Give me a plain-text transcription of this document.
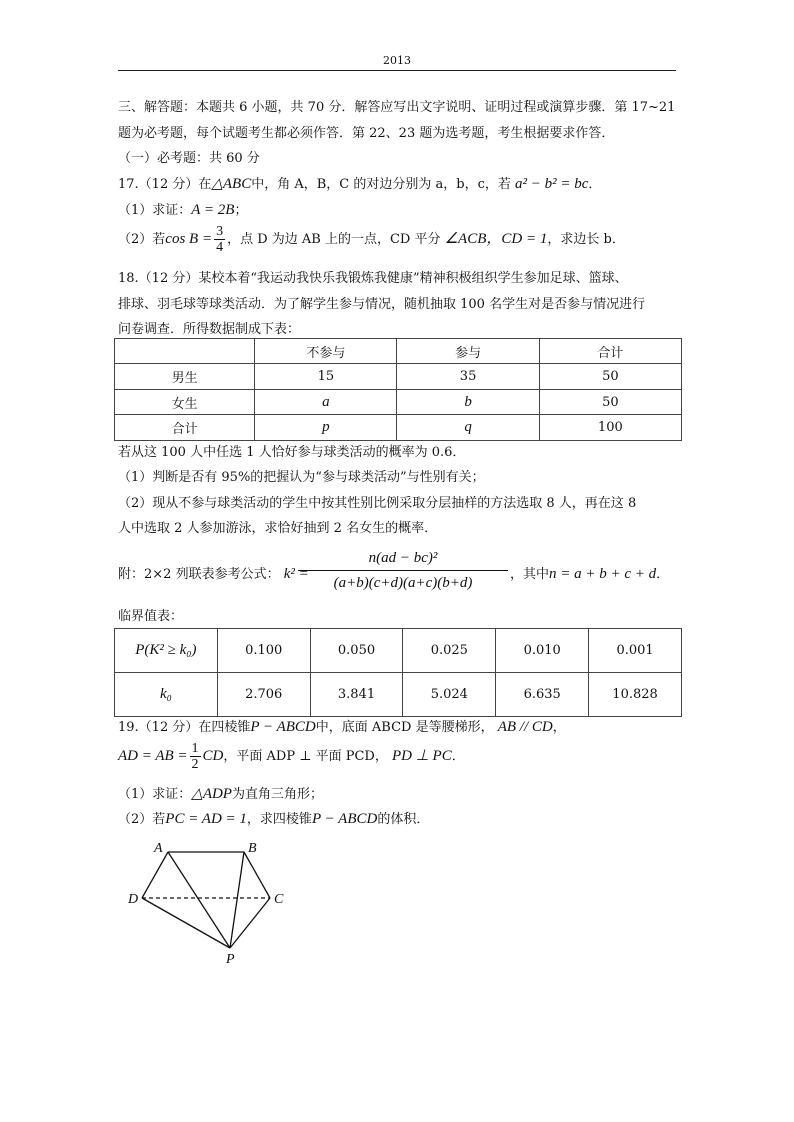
2013
三、解答题：本题共 6 小题，共 70 分．解答应写出文字说明、证明过程或演算步骤．第 17~21
题为必考题，每个试题考生都必须作答．第 22、23 题为选考题，考生根据要求作答．
（一）必考题：共 60 分
17.（12 分）在△ABC中，角 A，B，C 的对边分别为 a，b，c，若 a² − b² = bc．
（1）求证：A = 2B；
（2）若$\cos B = \frac{3}{4}$ ，点 D 为边 AB 上的一点，CD 平分 ∠ACB，CD = 1，求边长 b．
18.（12 分）某校本着“我运动我快乐我锻炼我健康”精神积极组织学生参加足球、篮球、
排球、羽毛球等球类活动．为了解学生参与情况，随机抽取 100 名学生对是否参与情况进行
问卷调查．所得数据制成下表：
	不参与	参与	合计
男生	15	35	50
女生	a	b	50
合计	p	q	100
若从这 100 人中任选 1 人恰好参与球类活动的概率为 0.6．
（1）判断是否有 95%的把握认为“参与球类活动”与性别有关；
（2）现从不参与球类活动的学生中按其性别比例采取分层抽样的方法选取 8 人，再在这 8
人中选取 2 人参加游泳，求恰好抽到 2 名女生的概率．
附：2×2 列联表参考公式： k² =
$\frac{\text{n(ad − bc)²}}{(a+b)(c+d)(a+c)(b+d)}$ ，其中n = a + b + c + d．
临界值表：
P(K² ≥ k₀)	0.100	0.050	0.025	0.010	0.001
k₀	2.706	3.841	5.024	6.635	10.828
19.（12 分）在四棱锥P − ABCD中，底面 ABCD 是等腰梯形， AB // CD，
AD = AB = $\frac{1}{2}$ CD，平面 ADP ⊥ 平面 PCD， PD ⊥ PC．
（1）求证：△ADP为直角三角形；
（2）若PC = AD = 1，求四棱锥P − ABCD的体积．
A	B
C
D
P
